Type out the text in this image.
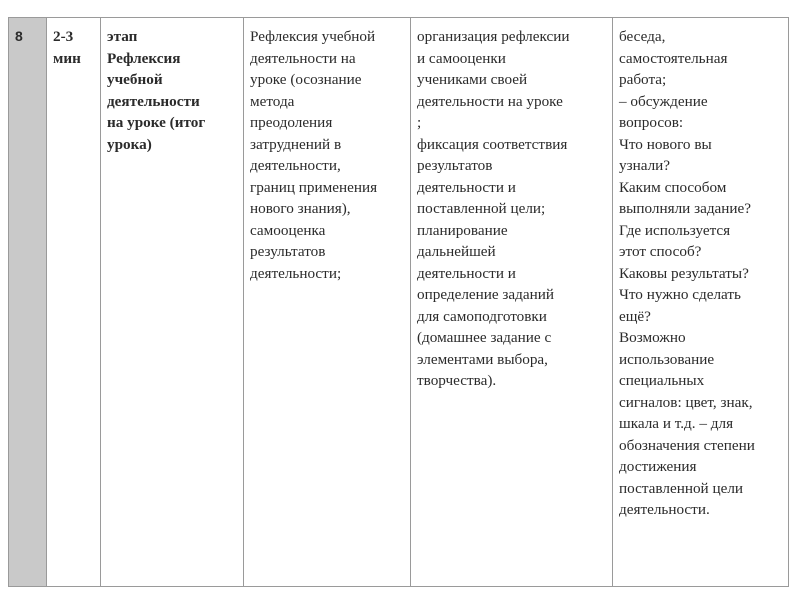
8	2-3
мин

этап
Рефлексия
учебной
деятельности
на уроке (итог
урока)

Рефлексия учебной
деятельности на
уроке (осознание
метода
преодоления
затруднений в
деятельности,
границ применения
нового знания),
самооценка
результатов
деятельности;

организация рефлексии
и самооценки
учениками своей
деятельности на уроке
;
фиксация соответствия
результатов
деятельности и
поставленной цели;
планирование
дальнейшей
деятельности и
определение заданий
для самоподготовки
(домашнее задание с
элементами выбора,
творчества).

беседа,
самостоятельная
работа;
– обсуждение
вопросов:
Что нового вы
узнали?
Каким способом
выполняли задание?
Где используется
этот способ?
Каковы результаты?
Что нужно сделать
ещё?
Возможно
использование
специальных
сигналов: цвет, знак,
шкала и т.д. – для
обозначения степени
достижения
поставленной цели
деятельности.
